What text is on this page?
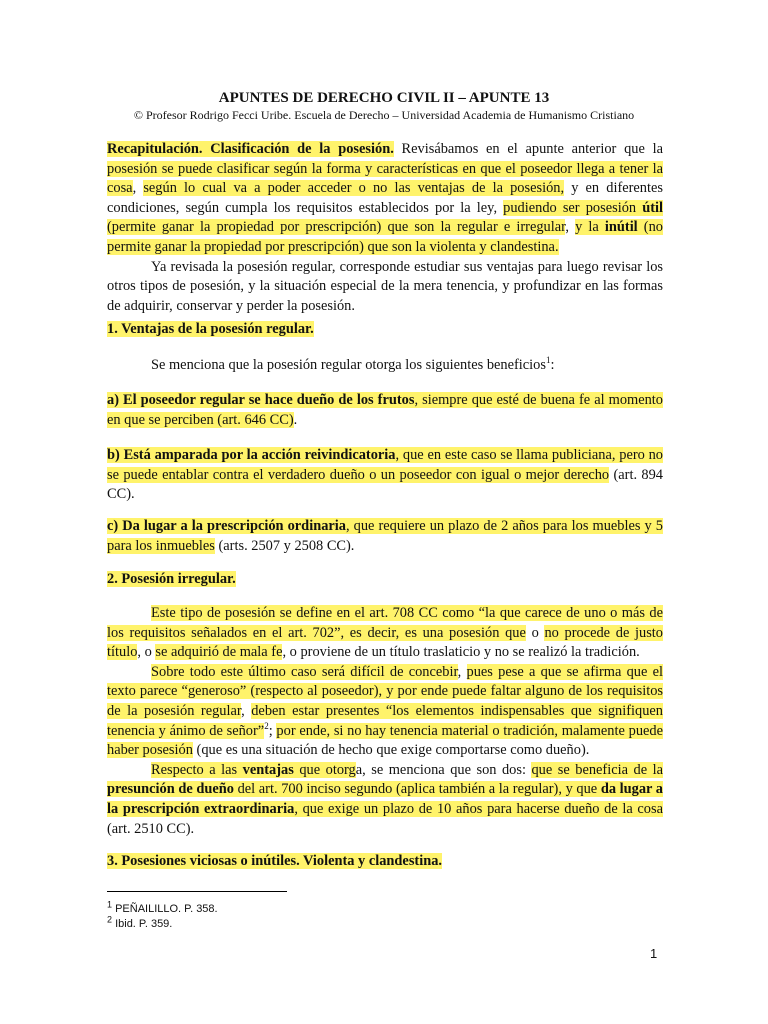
APUNTES DE DERECHO CIVIL II – APUNTE 13
© Profesor Rodrigo Fecci Uribe. Escuela de Derecho – Universidad Academia de Humanismo Cristiano

Recapitulación. Clasificación de la posesión. Revisábamos en el apunte anterior que la posesión se puede clasificar según la forma y características en que el poseedor llega a tener la cosa, según lo cual va a poder acceder o no las ventajas de la posesión, y en diferentes condiciones, según cumpla los requisitos establecidos por la ley, pudiendo ser posesión útil (permite ganar la propiedad por prescripción) que son la regular e irregular, y la inútil (no permite ganar la propiedad por prescripción) que son la violenta y clandestina.

Ya revisada la posesión regular, corresponde estudiar sus ventajas para luego revisar los otros tipos de posesión, y la situación especial de la mera tenencia, y profundizar en las formas de adquirir, conservar y perder la posesión.

1. Ventajas de la posesión regular.

Se menciona que la posesión regular otorga los siguientes beneficios$^1$:

a) El poseedor regular se hace dueño de los frutos, siempre que esté de buena fe al momento en que se perciben (art. 646 CC).

b) Está amparada por la acción reivindicatoria, que en este caso se llama publiciana, pero no se puede entablar contra el verdadero dueño o un poseedor con igual o mejor derecho (art. 894 CC).

c) Da lugar a la prescripción ordinaria, que requiere un plazo de 2 años para los muebles y 5 para los inmuebles (arts. 2507 y 2508 CC).

2. Posesión irregular.

Este tipo de posesión se define en el art. 708 CC como “la que carece de uno o más de los requisitos señalados en el art. 702”, es decir, es una posesión que o no procede de justo título, o se adquirió de mala fe, o proviene de un título traslaticio y no se realizó la tradición.

Sobre todo este último caso será difícil de concebir, pues pese a que se afirma que el texto parece “generoso” (respecto al poseedor), y por ende puede faltar alguno de los requisitos de la posesión regular, deben estar presentes “los elementos indispensables que signifiquen tenencia y ánimo de señor”$^2$; por ende, si no hay tenencia material o tradición, malamente puede haber posesión (que es una situación de hecho que exige comportarse como dueño).

Respecto a las ventajas que otorga, se menciona que son dos: que se beneficia de la presunción de dueño del art. 700 inciso segundo (aplica también a la regular), y que da lugar a la prescripción extraordinaria, que exige un plazo de 10 años para hacerse dueño de la cosa (art. 2510 CC).

3. Posesiones viciosas o inútiles. Violenta y clandestina.
$^1$ PEÑAILILLO. P. 358.
$^2$ Ibid. P. 359.
1
